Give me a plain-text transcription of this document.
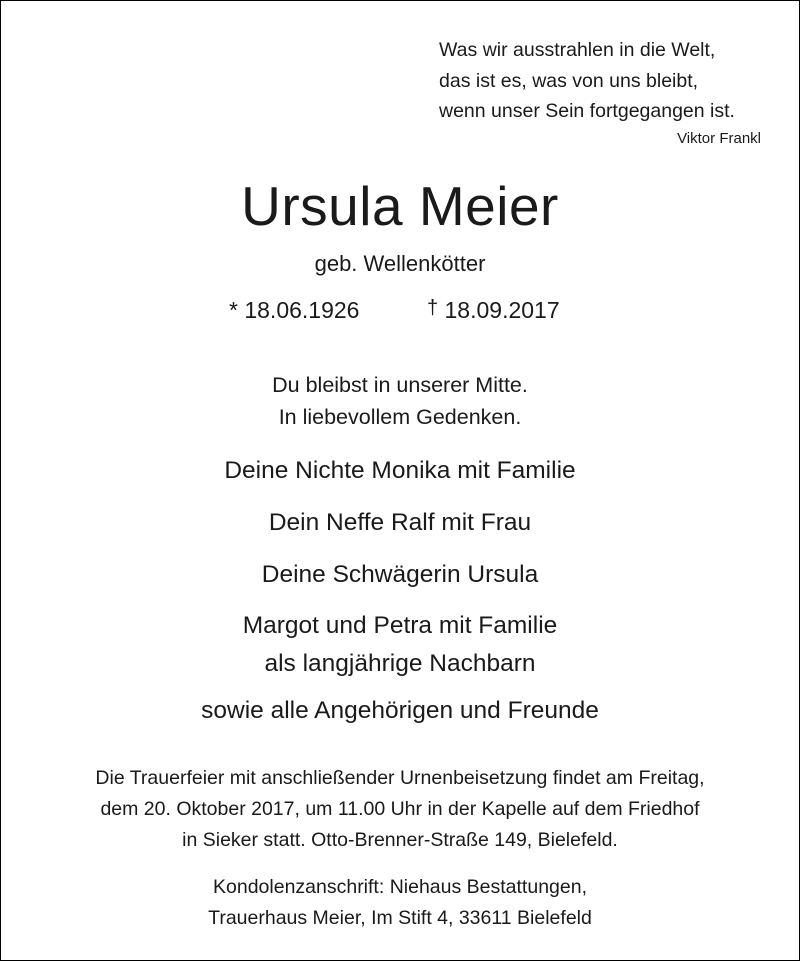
Was wir ausstrahlen in die Welt,
das ist es, was von uns bleibt,
wenn unser Sein fortgegangen ist.
Viktor Frankl
Ursula Meier
geb. Wellenkötter
* 18.06.1926	† 18.09.2017
Du bleibst in unserer Mitte.
In liebevollem Gedenken.
Deine Nichte Monika mit Familie
Dein Neffe Ralf mit Frau
Deine Schwägerin Ursula
Margot und Petra mit Familie
als langjährige Nachbarn
sowie alle Angehörigen und Freunde
Die Trauerfeier mit anschließender Urnenbeisetzung findet am Freitag,
dem 20. Oktober 2017, um 11.00 Uhr in der Kapelle auf dem Friedhof
in Sieker statt. Otto-Brenner-Straße 149, Bielefeld.
Kondolenzanschrift: Niehaus Bestattungen,
Trauerhaus Meier, Im Stift 4, 33611 Bielefeld
